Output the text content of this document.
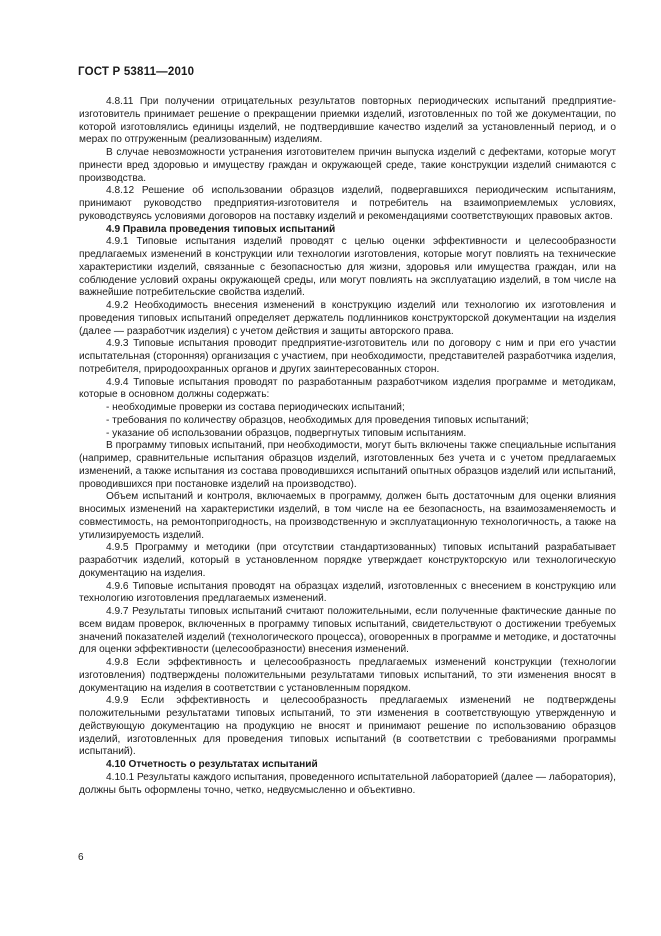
ГОСТ Р 53811—2010

4.8.11 При получении отрицательных результатов повторных периодических испытаний предприятие-изготовитель принимает решение о прекращении приемки изделий, изготовленных по той же документации, по которой изготовлялись единицы изделий, не подтвердившие качество изделий за установленный период, и о мерах по отгруженным (реализованным) изделиям.

В случае невозможности устранения изготовителем причин выпуска изделий с дефектами, которые могут принести вред здоровью и имуществу граждан и окружающей среде, такие конструкции изделий снимаются с производства.

4.8.12 Решение об использовании образцов изделий, подвергавшихся периодическим испытаниям, принимают руководство предприятия-изготовителя и потребитель на взаимоприемлемых условиях, руководствуясь условиями договоров на поставку изделий и рекомендациями соответствующих правовых актов.

4.9 Правила проведения типовых испытаний

4.9.1 Типовые испытания изделий проводят с целью оценки эффективности и целесообразности предлагаемых изменений в конструкции или технологии изготовления, которые могут повлиять на технические характеристики изделий, связанные с безопасностью для жизни, здоровья или имущества граждан, или на соблюдение условий охраны окружающей среды, или могут повлиять на эксплуатацию изделий, в том числе на важнейшие потребительские свойства изделий.

4.9.2 Необходимость внесения изменений в конструкцию изделий или технологию их изготовления и проведения типовых испытаний определяет держатель подлинников конструкторской документации на изделия (далее — разработчик изделия) с учетом действия и защиты авторского права.

4.9.3 Типовые испытания проводит предприятие-изготовитель или по договору с ним и при его участии испытательная (сторонняя) организация с участием, при необходимости, представителей разработчика изделия, потребителя, природоохранных органов и других заинтересованных сторон.

4.9.4 Типовые испытания проводят по разработанным разработчиком изделия программе и методикам, которые в основном должны содержать:

- необходимые проверки из состава периодических испытаний;

- требования по количеству образцов, необходимых для проведения типовых испытаний;

- указание об использовании образцов, подвергнутых типовым испытаниям.

В программу типовых испытаний, при необходимости, могут быть включены также специальные испытания (например, сравнительные испытания образцов изделий, изготовленных без учета и с учетом предлагаемых изменений, а также испытания из состава проводившихся испытаний опытных образцов изделий или испытаний, проводившихся при постановке изделий на производство).

Объем испытаний и контроля, включаемых в программу, должен быть достаточным для оценки влияния вносимых изменений на характеристики изделий, в том числе на ее безопасность, на взаимозаменяемость и совместимость, на ремонтопригодность, на производственную и эксплуатационную технологичность, а также на утилизируемость изделий.

4.9.5 Программу и методики (при отсутствии стандартизованных) типовых испытаний разрабатывает разработчик изделий, который в установленном порядке утверждает конструкторскую или технологическую документацию на изделия.

4.9.6 Типовые испытания проводят на образцах изделий, изготовленных с внесением в конструкцию или технологию изготовления предлагаемых изменений.

4.9.7 Результаты типовых испытаний считают положительными, если полученные фактические данные по всем видам проверок, включенных в программу типовых испытаний, свидетельствуют о достижении требуемых значений показателей изделий (технологического процесса), оговоренных в программе и методике, и достаточны для оценки эффективности (целесообразности) внесения изменений.

4.9.8 Если эффективность и целесообразность предлагаемых изменений конструкции (технологии изготовления) подтверждены положительными результатами типовых испытаний, то эти изменения вносят в документацию на изделия в соответствии с установленным порядком.

4.9.9 Если эффективность и целесообразность предлагаемых изменений не подтверждены положительными результатами типовых испытаний, то эти изменения в соответствующую утвержденную и действующую документацию на продукцию не вносят и принимают решение по использованию образцов изделий, изготовленных для проведения типовых испытаний (в соответствии с требованиями программы испытаний).

4.10 Отчетность о результатах испытаний

4.10.1 Результаты каждого испытания, проведенного испытательной лабораторией (далее — лаборатория), должны быть оформлены точно, четко, недвусмысленно и объективно.

6
